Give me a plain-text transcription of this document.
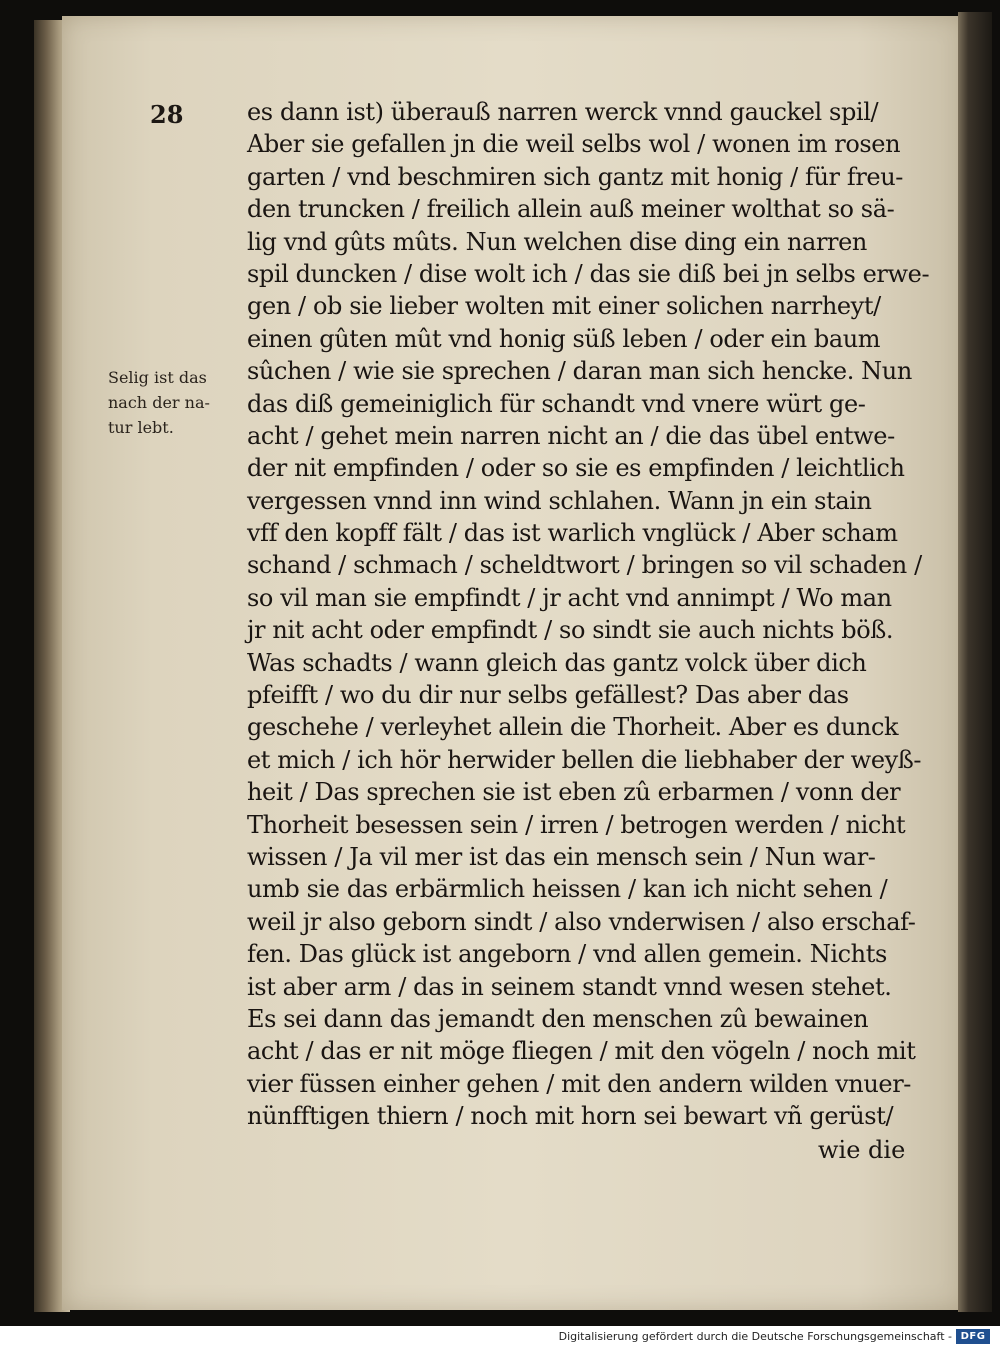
28
Selig ist das
nach der na-
tur lebt.
es dann ist) überauß narren werck vnnd gauckel spil/
Aber sie gefallen jn die weil selbs wol / wonen im rosen
garten / vnd beschmiren sich gantz mit honig / für freu-
den truncken / freilich allein auß meiner wolthat so sä-
lig vnd gûts mûts. Nun welchen dise ding ein narren
spil duncken / dise wolt ich / das sie diß bei jn selbs erwe-
gen / ob sie lieber wolten mit einer solichen narrheyt/
einen gûten mût vnd honig süß leben / oder ein baum
sûchen / wie sie sprechen / daran man sich hencke. Nun
das diß gemeiniglich für schandt vnd vnere würt ge-
acht / gehet mein narren nicht an / die das übel entwe-
der nit empfinden / oder so sie es empfinden / leichtlich
vergessen vnnd inn wind schlahen. Wann jn ein stain
vff den kopff fält / das ist warlich vnglück / Aber scham
schand / schmach / scheldtwort / bringen so vil schaden /
so vil man sie empfindt / jr acht vnd annimpt / Wo man
jr nit acht oder empfindt / so sindt sie auch nichts böß.
Was schadts / wann gleich das gantz volck über dich
pfeifft / wo du dir nur selbs gefällest? Das aber das
geschehe / verleyhet allein die Thorheit. Aber es dunck
et mich / ich hör herwider bellen die liebhaber der weyß-
heit / Das sprechen sie ist eben zû erbarmen / vonn der
Thorheit besessen sein / irren / betrogen werden / nicht
wissen / Ja vil mer ist das ein mensch sein / Nun war-
umb sie das erbärmlich heissen / kan ich nicht sehen /
weil jr also geborn sindt / also vnderwisen / also erschaf-
fen. Das glück ist angeborn / vnd allen gemein. Nichts
ist aber arm / das in seinem standt vnnd wesen stehet.
Es sei dann das jemandt den menschen zû bewainen
acht / das er nit möge fliegen / mit den vögeln / noch mit
vier füssen einher gehen / mit den andern wilden vnuer-
nünfftigen thiern / noch mit horn sei bewart vñ gerüst/
wie die
Digitalisierung gefördert durch die Deutsche Forschungsgemeinschaft - DFG
